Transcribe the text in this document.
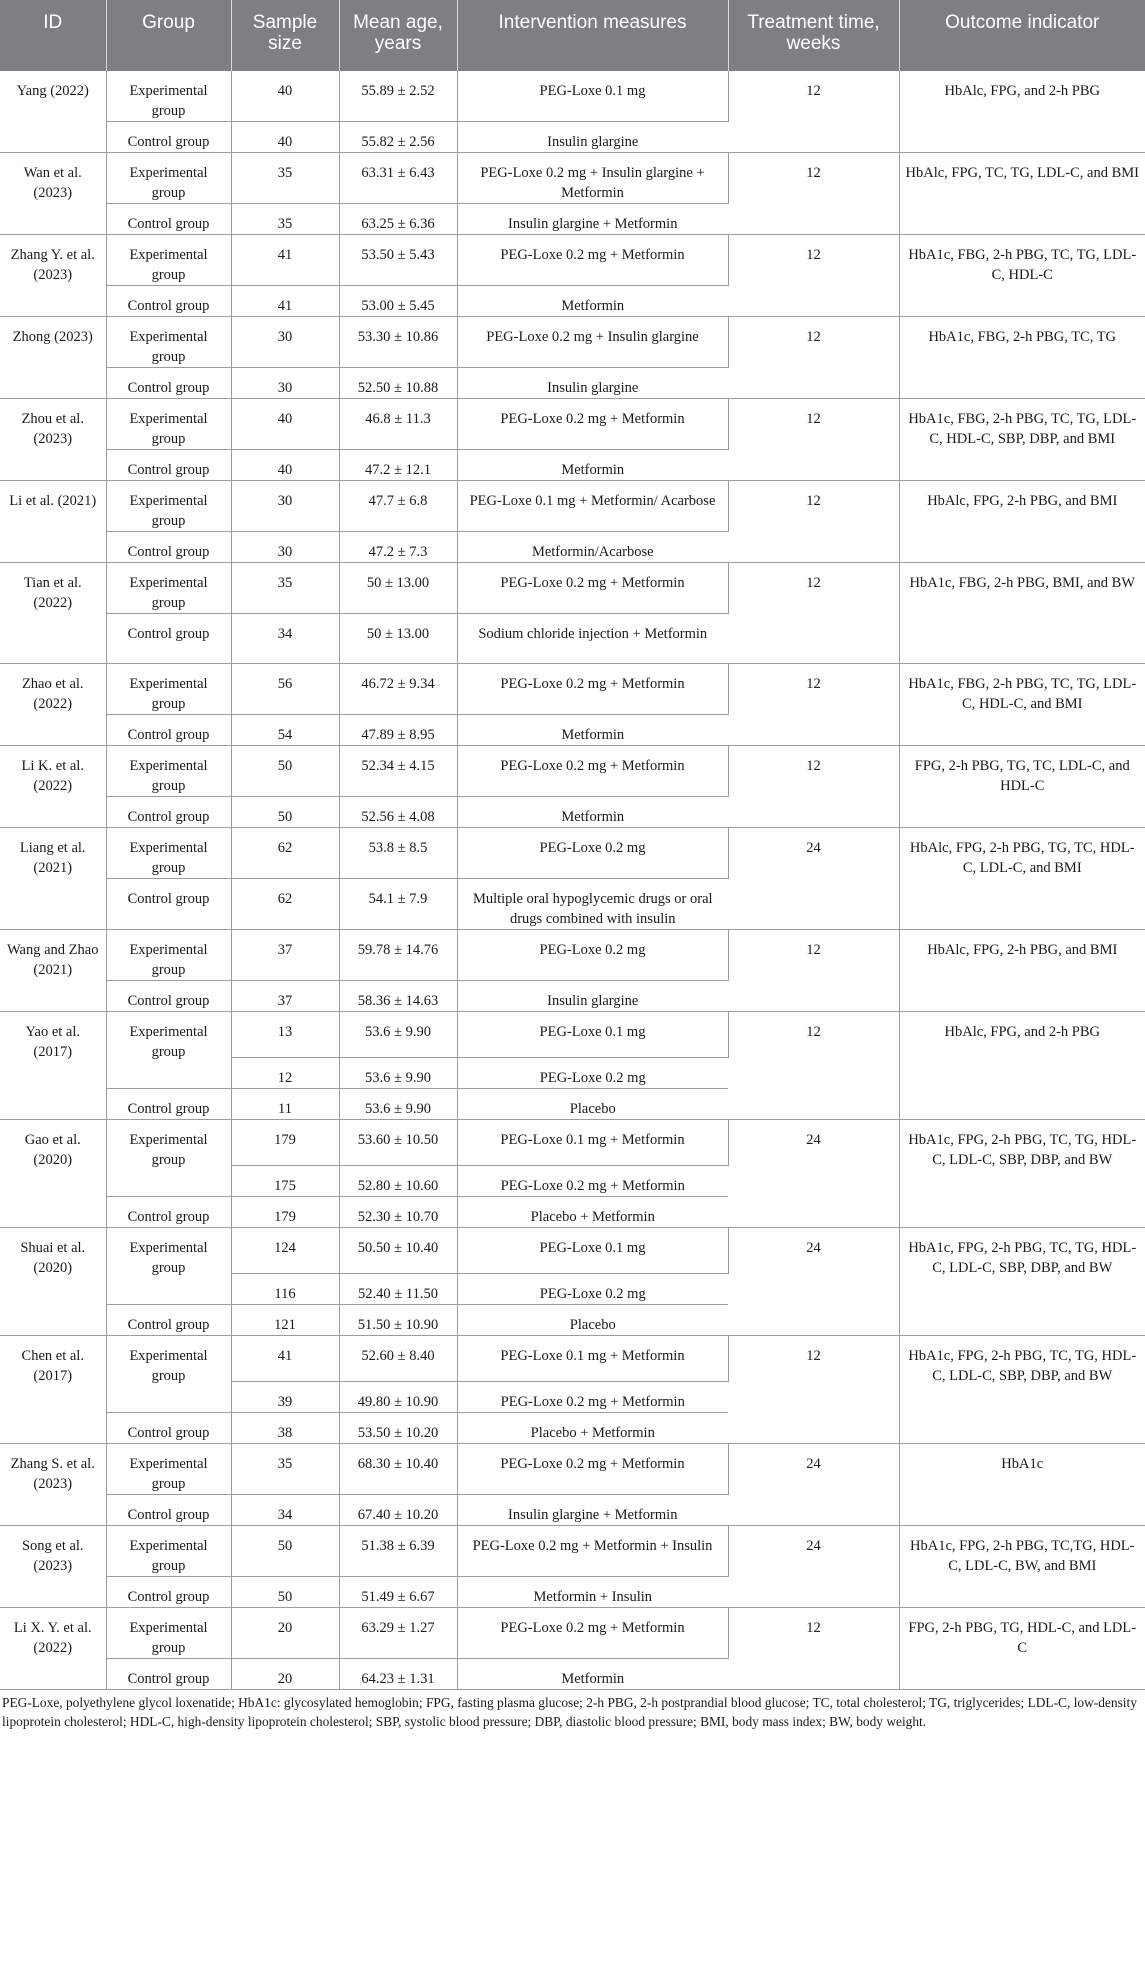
ID	Group	Sample size	Mean age, years	Intervention measures	Treatment time, weeks	Outcome indicator

Yang (2022)	Experimental group	40	55.89 ± 2.52	PEG-Loxe 0.1 mg	12	HbAlc, FPG, and 2-h PBG
	Control group	40	55.82 ± 2.56	Insulin glargine		
Wan et al. (2023)	Experimental group	35	63.31 ± 6.43	PEG-Loxe 0.2 mg + Insulin glargine + Metformin	12	HbAlc, FPG, TC, TG, LDL-C, and BMI
	Control group	35	63.25 ± 6.36	Insulin glargine + Metformin		
Zhang Y. et al. (2023)	Experimental group	41	53.50 ± 5.43	PEG-Loxe 0.2 mg + Metformin	12	HbA1c, FBG, 2-h PBG, TC, TG, LDL-C, HDL-C
	Control group	41	53.00 ± 5.45	Metformin		
Zhong (2023)	Experimental group	30	53.30 ± 10.86	PEG-Loxe 0.2 mg + Insulin glargine	12	HbA1c, FBG, 2-h PBG, TC, TG
	Control group	30	52.50 ± 10.88	Insulin glargine		
Zhou et al. (2023)	Experimental group	40	46.8 ± 11.3	PEG-Loxe 0.2 mg + Metformin	12	HbA1c, FBG, 2-h PBG, TC, TG, LDL-C, HDL-C, SBP, DBP, and BMI
	Control group	40	47.2 ± 12.1	Metformin		
Li et al. (2021)	Experimental group	30	47.7 ± 6.8	PEG-Loxe 0.1 mg + Metformin/ Acarbose	12	HbAlc, FPG, 2-h PBG, and BMI
	Control group	30	47.2 ± 7.3	Metformin/Acarbose		
Tian et al. (2022)	Experimental group	35	50 ± 13.00	PEG-Loxe 0.2 mg + Metformin	12	HbA1c, FBG, 2-h PBG, BMI, and BW
	Control group	34	50 ± 13.00	Sodium chloride injection + Metformin		
Zhao et al. (2022)	Experimental group	56	46.72 ± 9.34	PEG-Loxe 0.2 mg + Metformin	12	HbA1c, FBG, 2-h PBG, TC, TG, LDL-C, HDL-C, and BMI
	Control group	54	47.89 ± 8.95	Metformin		
Li K. et al. (2022)	Experimental group	50	52.34 ± 4.15	PEG-Loxe 0.2 mg + Metformin	12	FPG, 2-h PBG, TG, TC, LDL-C, and HDL-C
	Control group	50	52.56 ± 4.08	Metformin		
Liang et al. (2021)	Experimental group	62	53.8 ± 8.5	PEG-Loxe 0.2 mg	24	HbAlc, FPG, 2-h PBG, TG, TC, HDL-C, LDL-C, and BMI
	Control group	62	54.1 ± 7.9	Multiple oral hypoglycemic drugs or oral drugs combined with insulin		
Wang and Zhao (2021)	Experimental group	37	59.78 ± 14.76	PEG-Loxe 0.2 mg	12	HbAlc, FPG, 2-h PBG, and BMI
	Control group	37	58.36 ± 14.63	Insulin glargine		
Yao et al. (2017)	Experimental group	13	53.6 ± 9.90	PEG-Loxe 0.1 mg	12	HbAlc, FPG, and 2-h PBG
		12	53.6 ± 9.90	PEG-Loxe 0.2 mg		
	Control group	11	53.6 ± 9.90	Placebo		
Gao et al. (2020)	Experimental group	179	53.60 ± 10.50	PEG-Loxe 0.1 mg + Metformin	24	HbA1c, FPG, 2-h PBG, TC, TG, HDL-C, LDL-C, SBP, DBP, and BW
		175	52.80 ± 10.60	PEG-Loxe 0.2 mg + Metformin		
	Control group	179	52.30 ± 10.70	Placebo + Metformin		
Shuai et al. (2020)	Experimental group	124	50.50 ± 10.40	PEG-Loxe 0.1 mg	24	HbA1c, FPG, 2-h PBG, TC, TG, HDL-C, LDL-C, SBP, DBP, and BW
		116	52.40 ± 11.50	PEG-Loxe 0.2 mg		
	Control group	121	51.50 ± 10.90	Placebo		
Chen et al. (2017)	Experimental group	41	52.60 ± 8.40	PEG-Loxe 0.1 mg + Metformin	12	HbA1c, FPG, 2-h PBG, TC, TG, HDL-C, LDL-C, SBP, DBP, and BW
		39	49.80 ± 10.90	PEG-Loxe 0.2 mg + Metformin		
	Control group	38	53.50 ± 10.20	Placebo + Metformin		
Zhang S. et al. (2023)	Experimental group	35	68.30 ± 10.40	PEG-Loxe 0.2 mg + Metformin	24	HbA1c
	Control group	34	67.40 ± 10.20	Insulin glargine + Metformin		
Song et al. (2023)	Experimental group	50	51.38 ± 6.39	PEG-Loxe 0.2 mg + Metformin + Insulin	24	HbA1c, FPG, 2-h PBG, TC,TG, HDL-C, LDL-C, BW, and BMI
	Control group	50	51.49 ± 6.67	Metformin + Insulin		
Li X. Y. et al. (2022)	Experimental group	20	63.29 ± 1.27	PEG-Loxe 0.2 mg + Metformin	12	FPG, 2-h PBG, TG, HDL-C, and LDL-C
	Control group	20	64.23 ± 1.31	Metformin		

PEG-Loxe, polyethylene glycol loxenatide; HbA1c: glycosylated hemoglobin; FPG, fasting plasma glucose; 2-h PBG, 2-h postprandial blood glucose; TC, total cholesterol; TG, triglycerides; LDL-C, low-density lipoprotein cholesterol; HDL-C, high-density lipoprotein cholesterol; SBP, systolic blood pressure; DBP, diastolic blood pressure; BMI, body mass index; BW, body weight.
